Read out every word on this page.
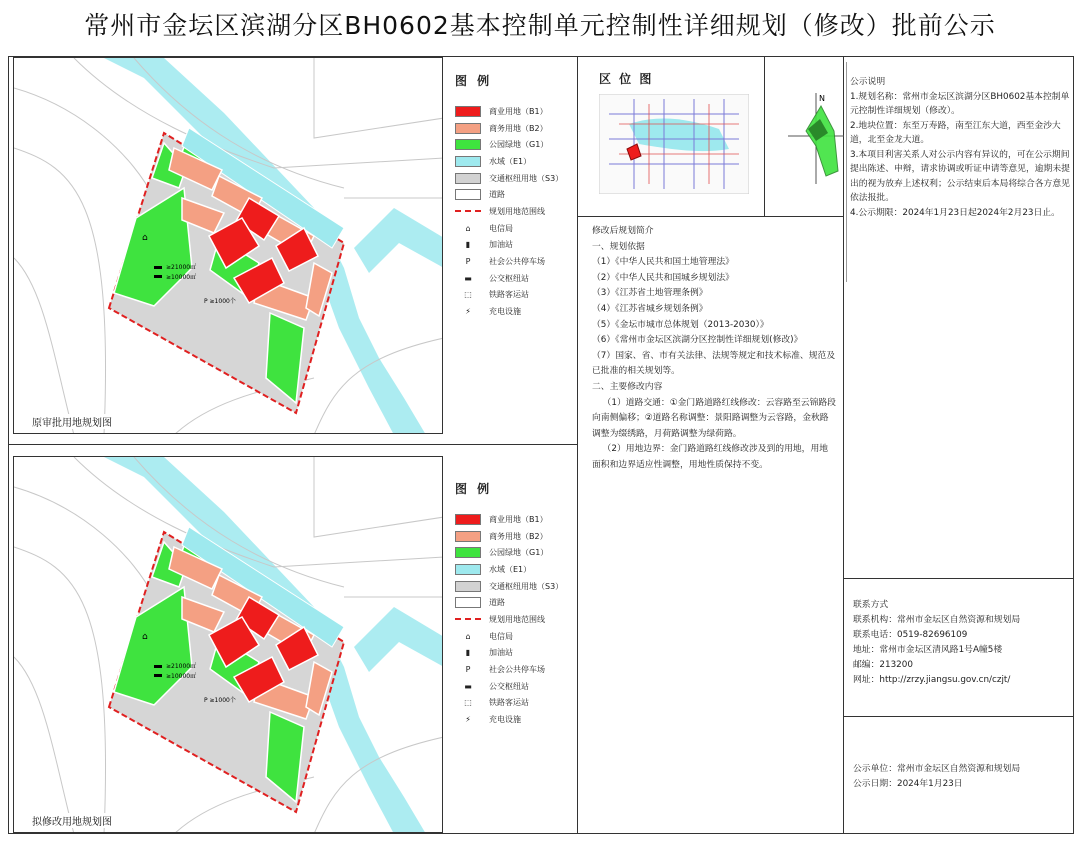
常州市金坛区滨湖分区BH0602基本控制单元控制性详细规划（修改）批前公示
⌂
≥21000㎡
≥10000㎡
P ≥1000个
原审批用地规划图
⌂
≥21000㎡
≥10000㎡
P ≥1000个
拟修改用地规划图
图 例
商业用地（B1）
商务用地（B2）
公园绿地（G1）
水域（E1）
交通枢纽用地（S3）
道路
规划用地范围线
⌂	电信局
▮	加油站
P	社会公共停车场
▬	公交枢纽站
⬚	铁路客运站
⚡	充电设施
图 例
商业用地（B1）
商务用地（B2）
公园绿地（G1）
水域（E1）
交通枢纽用地（S3）
道路
规划用地范围线
⌂	电信局
▮	加油站
P	社会公共停车场
▬	公交枢纽站
⬚	铁路客运站
⚡	充电设施
区 位 图
N
公示说明
1.规划名称：常州市金坛区滨湖分区BH0602基本控制单元控制性详细规划（修改）。
2.地块位置：东至万寿路，南至江东大道，西至金沙大道，北至金龙大道。
3.本项目利害关系人对公示内容有异议的，可在公示期间提出陈述、申辩，请求协调或听证申请等意见，逾期未提出的视为放弃上述权利；公示结束后本局将综合各方意见依法报批。
4.公示期限：2024年1月23日起2024年2月23日止。
修改后规划简介
一、规划依据
（1）《中华人民共和国土地管理法》
（2）《中华人民共和国城乡规划法》
（3）《江苏省土地管理条例》
（4）《江苏省城乡规划条例》
（5）《金坛市城市总体规划（2013-2030）》
（6）《常州市金坛区滨湖分区控制性详细规划(修改)》
（7）国家、省、市有关法律、法规等规定和技术标准、规范及已批准的相关规划等。
二、主要修改内容
（1）道路交通：①金门路道路红线修改：云容路至云锦路段向南侧偏移；②道路名称调整：景阳路调整为云容路，金秋路调整为缀绣路，月荷路调整为绿荷路。
（2）用地边界：金门路道路红线修改涉及到的用地，用地面积和边界适应性调整，用地性质保持不变。
联系方式
联系机构：常州市金坛区自然资源和规划局
联系电话：0519-82696109
地址：常州市金坛区清风路1号A幢5楼
邮编：213200
网址：http://zrzy.jiangsu.gov.cn/czjt/
公示单位：常州市金坛区自然资源和规划局
公示日期：2024年1月23日
